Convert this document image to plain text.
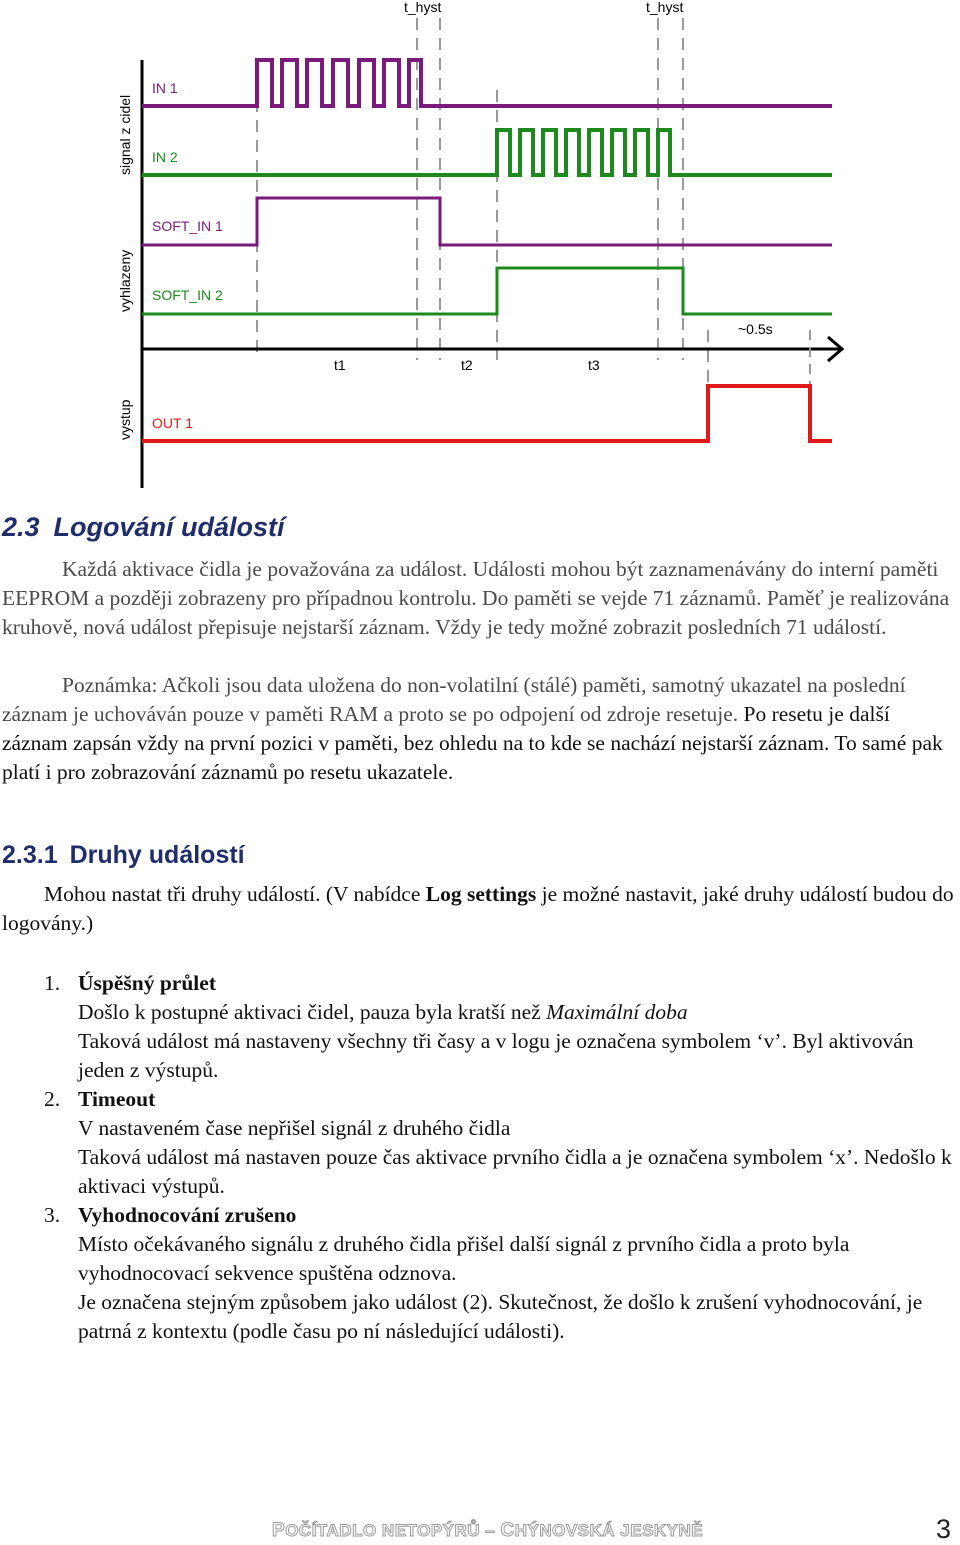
t_hyst	t_hyst
signal z cidel
vyhlazeny
vystup
IN 1
IN 2
SOFT_IN 1
SOFT_IN 2
OUT 1
t1	t2	t3
~0.5s
2.3 Logování událostí
Každá aktivace čidla je považována za událost. Události mohou být zaznamenávány do interní paměti EEPROM a později zobrazeny pro případnou kontrolu. Do paměti se vejde 71 záznamů. Paměť je realizována kruhově, nová událost přepisuje nejstarší záznam. Vždy je tedy možné zobrazit posledních 71 událostí.
Poznámka: Ačkoli jsou data uložena do non-volatilní (stálé) paměti, samotný ukazatel na poslední záznam je uchováván pouze v paměti RAM a proto se po odpojení od zdroje resetuje. Po resetu je další záznam zapsán vždy na první pozici v paměti, bez ohledu na to kde se nachází nejstarší záznam. To samé pak platí i pro zobrazování záznamů po resetu ukazatele.
2.3.1 Druhy událostí
Mohou nastat tři druhy událostí. (V nabídce Log settings je možné nastavit, jaké druhy událostí budou do logovány.)
1. Úspěšný průlet
Došlo k postupné aktivaci čidel, pauza byla kratší než Maximální doba
Taková událost má nastaveny všechny tři časy a v logu je označena symbolem ‘v’. Byl aktivován jeden z výstupů.
2. Timeout
V nastaveném čase nepřišel signál z druhého čidla
Taková událost má nastaven pouze čas aktivace prvního čidla a je označena symbolem ‘x’. Nedošlo k aktivaci výstupů.
3. Vyhodnocování zrušeno
Místo očekávaného signálu z druhého čidla přišel další signál z prvního čidla a proto byla vyhodnocovací sekvence spuštěna odznova.
Je označena stejným způsobem jako událost (2). Skutečnost, že došlo k zrušení vyhodnocování, je patrná z kontextu (podle času po ní následující události).
POČÍTADLO NETOPÝRŮ – CHÝNOVSKÁ JESKYNĚ	3
